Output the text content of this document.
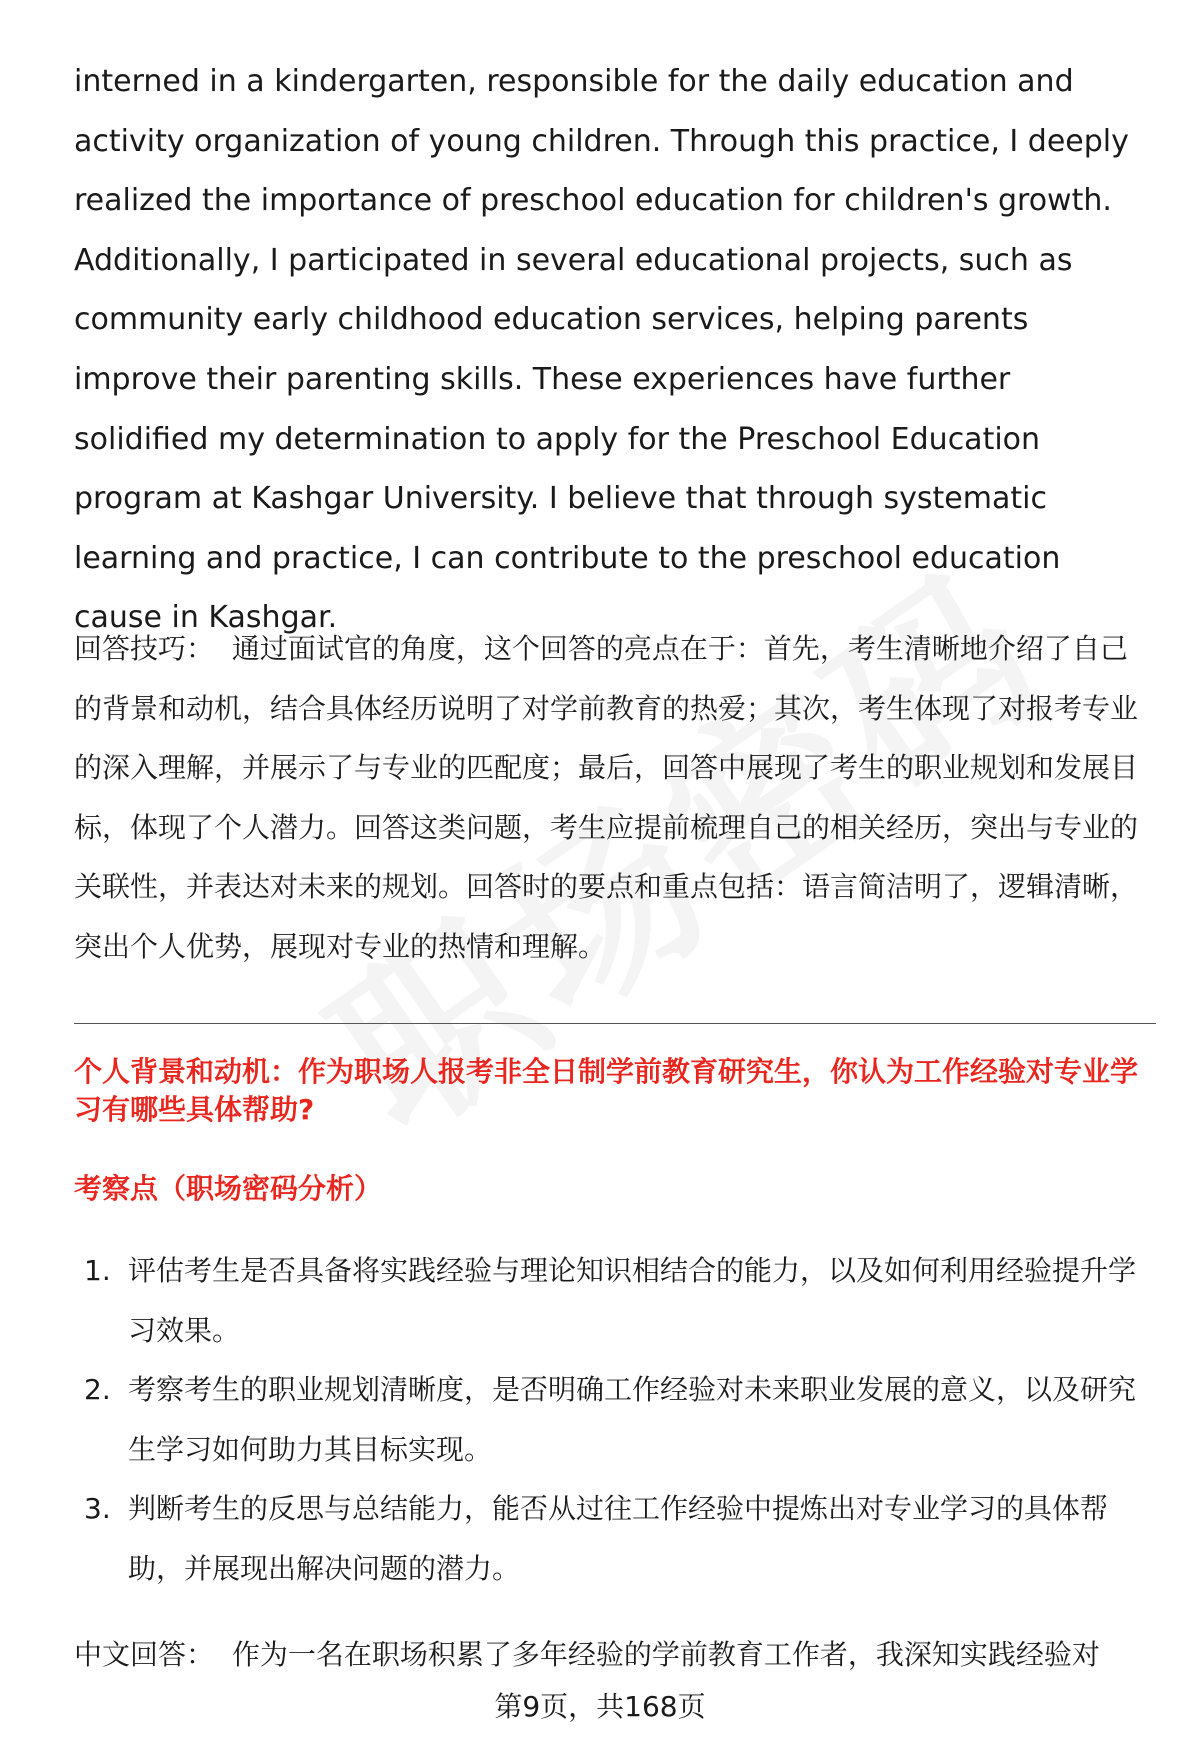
interned in a kindergarten, responsible for the daily education and activity organization of young children. Through this practice, I deeply realized the importance of preschool education for children's growth. Additionally, I participated in several educational projects, such as community early childhood education services, helping parents improve their parenting skills. These experiences have further solidified my determination to apply for the Preschool Education program at Kashgar University. I believe that through systematic learning and practice, I can contribute to the preschool education cause in Kashgar.

回答技巧： 通过面试官的角度，这个回答的亮点在于：首先，考生清晰地介绍了自己的背景和动机，结合具体经历说明了对学前教育的热爱；其次，考生体现了对报考专业的深入理解，并展示了与专业的匹配度；最后，回答中展现了考生的职业规划和发展目标，体现了个人潜力。回答这类问题，考生应提前梳理自己的相关经历，突出与专业的关联性，并表达对未来的规划。回答时的要点和重点包括：语言简洁明了，逻辑清晰，突出个人优势，展现对专业的热情和理解。

个人背景和动机：作为职场人报考非全日制学前教育研究生，你认为工作经验对专业学习有哪些具体帮助?

考察点（职场密码分析）

1. 评估考生是否具备将实践经验与理论知识相结合的能力，以及如何利用经验提升学习效果。
2. 考察考生的职业规划清晰度，是否明确工作经验对未来职业发展的意义，以及研究生学习如何助力其目标实现。
3. 判断考生的反思与总结能力，能否从过往工作经验中提炼出对专业学习的具体帮助，并展现出解决问题的潜力。

中文回答： 作为一名在职场积累了多年经验的学前教育工作者，我深知实践经验对

第9页，共168页
